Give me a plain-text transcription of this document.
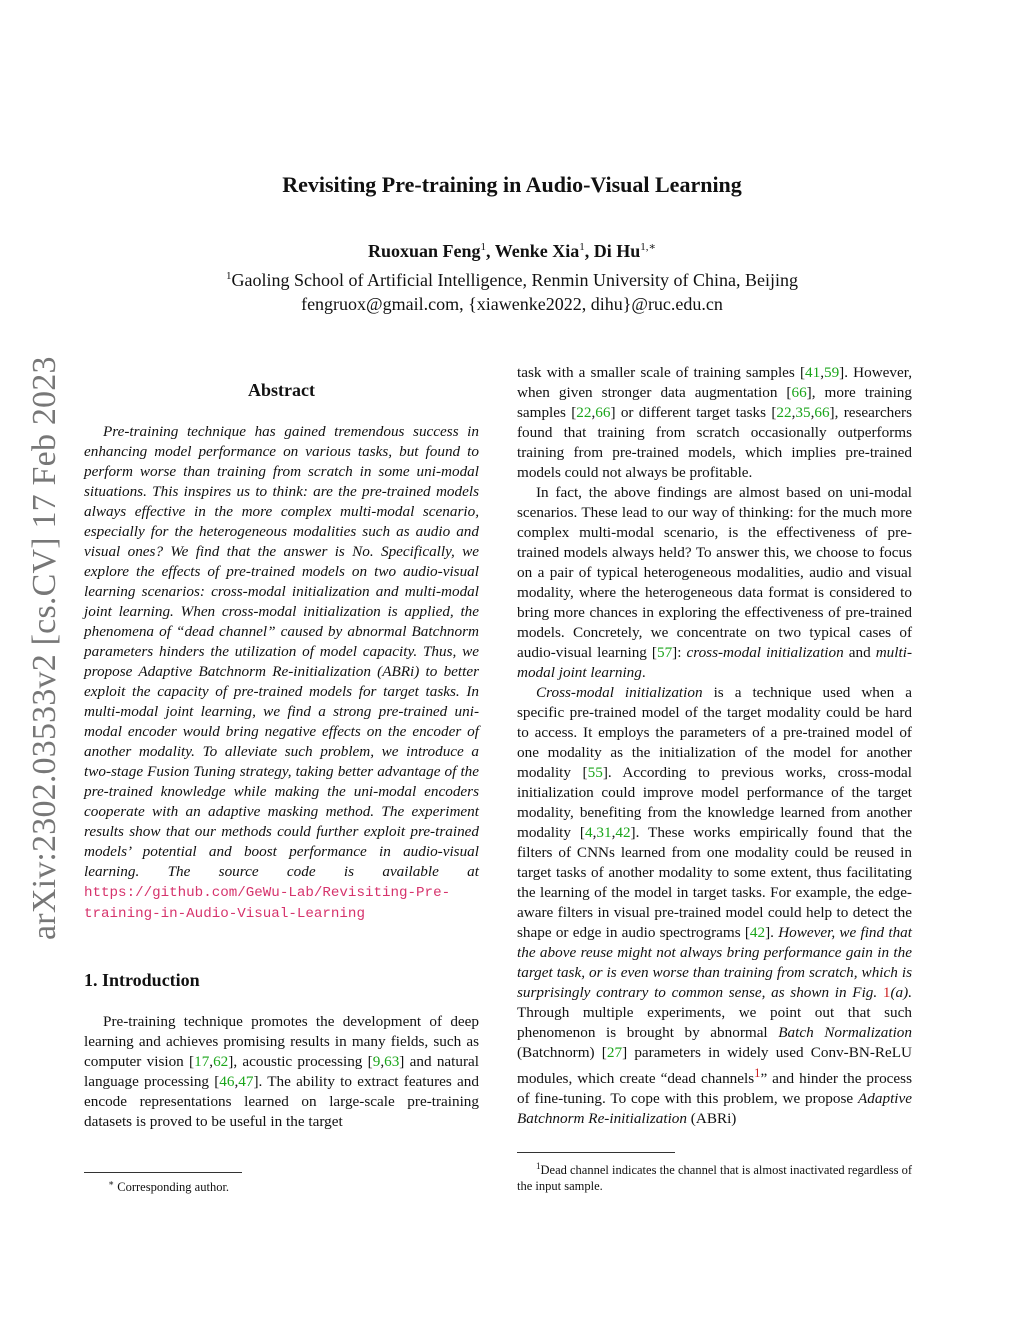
arXiv:2302.03533v2 [cs.CV] 17 Feb 2023
Revisiting Pre-training in Audio-Visual Learning
Ruoxuan Feng$^1$, Wenke Xia$^1$, Di $Hu^{1,∗}$
$^1$Gaoling School of Artificial Intelligence, Renmin University of China, Beijing
fengruox@gmail.com, {xiawenke2022, dihu}@ruc.edu.cn
Abstract

Pre-training technique has gained tremendous success in enhancing model performance on various tasks, but found to perform worse than training from scratch in some uni-modal situations. This inspires us to think: are the pre-trained models always effective in the more complex multi-modal scenario, especially for the heterogeneous modalities such as audio and visual ones? We find that the answer is No. Specifically, we explore the effects of pre-trained models on two audio-visual learning scenarios: cross-modal initialization and multi-modal joint learning. When cross-modal initialization is applied, the phenomena of “dead channel” caused by abnormal Batchnorm parameters hinders the utilization of model capacity. Thus, we propose Adaptive Batchnorm Re-initialization (ABRi) to better exploit the capacity of pre-trained models for target tasks. In multi-modal joint learning, we find a strong pre-trained uni-modal encoder would bring negative effects on the encoder of another modality. To alleviate such problem, we introduce a two-stage Fusion Tuning strategy, taking better advantage of the pre-trained knowledge while making the uni-modal encoders cooperate with an adaptive masking method. The experiment results show that our methods could further exploit pre-trained models’ potential and boost performance in audio-visual learning. The source code is available at https://github.com/GeWu-Lab/Revisiting-Pre-training-in-Audio-Visual-Learning

1. Introduction

Pre-training technique promotes the development of deep learning and achieves promising results in many fields, such as computer vision [17,62], acoustic processing [9,63] and natural language processing [46,47]. The ability to extract features and encode representations learned on large-scale pre-training datasets is proved to be useful in the target

task with a smaller scale of training samples [41,59]. However, when given stronger data augmentation [66], more training samples [22,66] or different target tasks [22,35,66], researchers found that training from scratch occasionally outperforms training from pre-trained models, which implies pre-trained models could not always be profitable.

In fact, the above findings are almost based on uni-modal scenarios. These lead to our way of thinking: for the much more complex multi-modal scenario, is the effectiveness of pre-trained models always held? To answer this, we choose to focus on a pair of typical heterogeneous modalities, audio and visual modality, where the heterogeneous data format is considered to bring more chances in exploring the effectiveness of pre-trained models. Concretely, we concentrate on two typical cases of audio-visual learning [57]: cross-modal initialization and multi-modal joint learning.

Cross-modal initialization is a technique used when a specific pre-trained model of the target modality could be hard to access. It employs the parameters of a pre-trained model of one modality as the initialization of the model for another modality [55]. According to previous works, cross-modal initialization could improve model performance of the target modality, benefiting from the knowledge learned from another modality [4,31,42]. These works empirically found that the filters of CNNs learned from one modality could be reused in target tasks of another modality to some extent, thus facilitating the learning of the model in target tasks. For example, the edge-aware filters in visual pre-trained model could help to detect the shape or edge in audio spectrograms [42]. However, we find that the above reuse might not always bring performance gain in the target task, or is even worse than training from scratch, which is surprisingly contrary to common sense, as shown in Fig. 1(a). Through multiple experiments, we point out that such phenomenon is brought by abnormal Batch Normalization (Batchnorm) [27] parameters in widely used Conv-BN-ReLU modules, which create “dead channels$^1$” and hinder the process of fine-tuning. To cope with this problem, we propose Adaptive Batchnorm Re-initialization (ABRi)

∗ Corresponding author.
$^1$Dead channel indicates the channel that is almost inactivated regardless of the input sample.
